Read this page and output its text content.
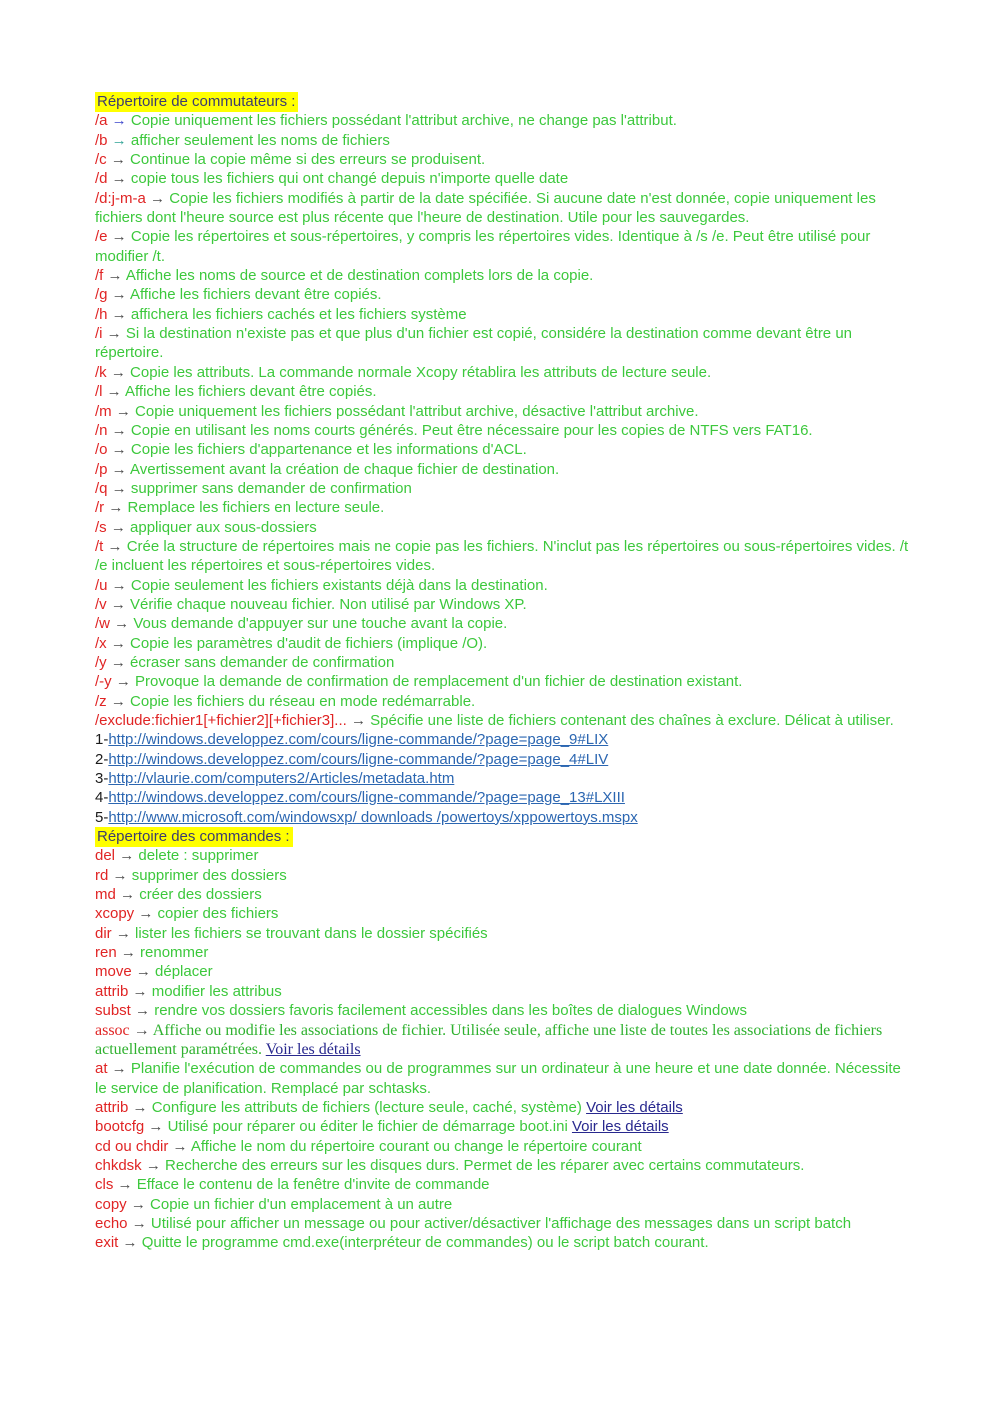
Répertoire de commutateurs :

/a → Copie uniquement les fichiers possédant l'attribut archive, ne change pas l'attribut.

/b → afficher seulement les noms de fichiers

/c → Continue la copie même si des erreurs se produisent.

/d → copie tous les fichiers qui ont changé depuis n'importe quelle date

/d:j-m-a → Copie les fichiers modifiés à partir de la date spécifiée. Si aucune date n'est donnée, copie uniquement les fichiers dont l'heure source est plus récente que l'heure de destination. Utile pour les sauvegardes.

/e → Copie les répertoires et sous-répertoires, y compris les répertoires vides. Identique à /s /e. Peut être utilisé pour modifier /t.

/f → Affiche les noms de source et de destination complets lors de la copie.

/g → Affiche les fichiers devant être copiés.

/h → affichera les fichiers cachés et les fichiers système

/i → Si la destination n'existe pas et que plus d'un fichier est copié, considére la destination comme devant être un répertoire.

/k → Copie les attributs. La commande normale Xcopy rétablira les attributs de lecture seule.

/l → Affiche les fichiers devant être copiés.

/m → Copie uniquement les fichiers possédant l'attribut archive, désactive l'attribut archive.

/n → Copie en utilisant les noms courts générés. Peut être nécessaire pour les copies de NTFS vers FAT16.

/o → Copie les fichiers d'appartenance et les informations d'ACL.

/p → Avertissement avant la création de chaque fichier de destination.

/q → supprimer sans demander de confirmation

/r → Remplace les fichiers en lecture seule.

/s → appliquer aux sous-dossiers

/t → Crée la structure de répertoires mais ne copie pas les fichiers. N'inclut pas les répertoires ou sous-répertoires vides. /t /e incluent les répertoires et sous-répertoires vides.

/u → Copie seulement les fichiers existants déjà dans la destination.

/v → Vérifie chaque nouveau fichier. Non utilisé par Windows XP.

/w → Vous demande d'appuyer sur une touche avant la copie.

/x → Copie les paramètres d'audit de fichiers (implique /O).

/y → écraser sans demander de confirmation

/-y → Provoque la demande de confirmation de remplacement d'un fichier de destination existant.

/z → Copie les fichiers du réseau en mode redémarrable.

/exclude:fichier1[+fichier2][+fichier3]... → Spécifie une liste de fichiers contenant des chaînes à exclure. Délicat à utiliser.

1-http://windows.developpez.com/cours/ligne-commande/?page=page_9#LIX

2-http://windows.developpez.com/cours/ligne-commande/?page=page_4#LIV

3-http://vlaurie.com/computers2/Articles/metadata.htm

4-http://windows.developpez.com/cours/ligne-commande/?page=page_13#LXIII

5-http://www.microsoft.com/windowsxp/ downloads /powertoys/xppowertoys.mspx

Répertoire des commandes :

del → delete : supprimer

rd → supprimer des dossiers

md → créer des dossiers

xcopy → copier des fichiers

dir → lister les fichiers se trouvant dans le dossier spécifiés

ren → renommer

move → déplacer

attrib → modifier les attribus

subst → rendre vos dossiers favoris facilement accessibles dans les boîtes de dialogues Windows

assoc → Affiche ou modifie les associations de fichier. Utilisée seule, affiche une liste de toutes les associations de fichiers actuellement paramétrées. Voir les détails

at → Planifie l'exécution de commandes ou de programmes sur un ordinateur à une heure et une date donnée. Nécessite le service de planification. Remplacé par schtasks.

attrib → Configure les attributs de fichiers (lecture seule, caché, système) Voir les détails

bootcfg → Utilisé pour réparer ou éditer le fichier de démarrage boot.ini Voir les détails

cd ou chdir → Affiche le nom du répertoire courant ou change le répertoire courant

chkdsk → Recherche des erreurs sur les disques durs. Permet de les réparer avec certains commutateurs.

cls → Efface le contenu de la fenêtre d'invite de commande

copy → Copie un fichier d'un emplacement à un autre

echo → Utilisé pour afficher un message ou pour activer/désactiver l'affichage des messages dans un script batch

exit → Quitte le programme cmd.exe(interpréteur de commandes) ou le script batch courant.
